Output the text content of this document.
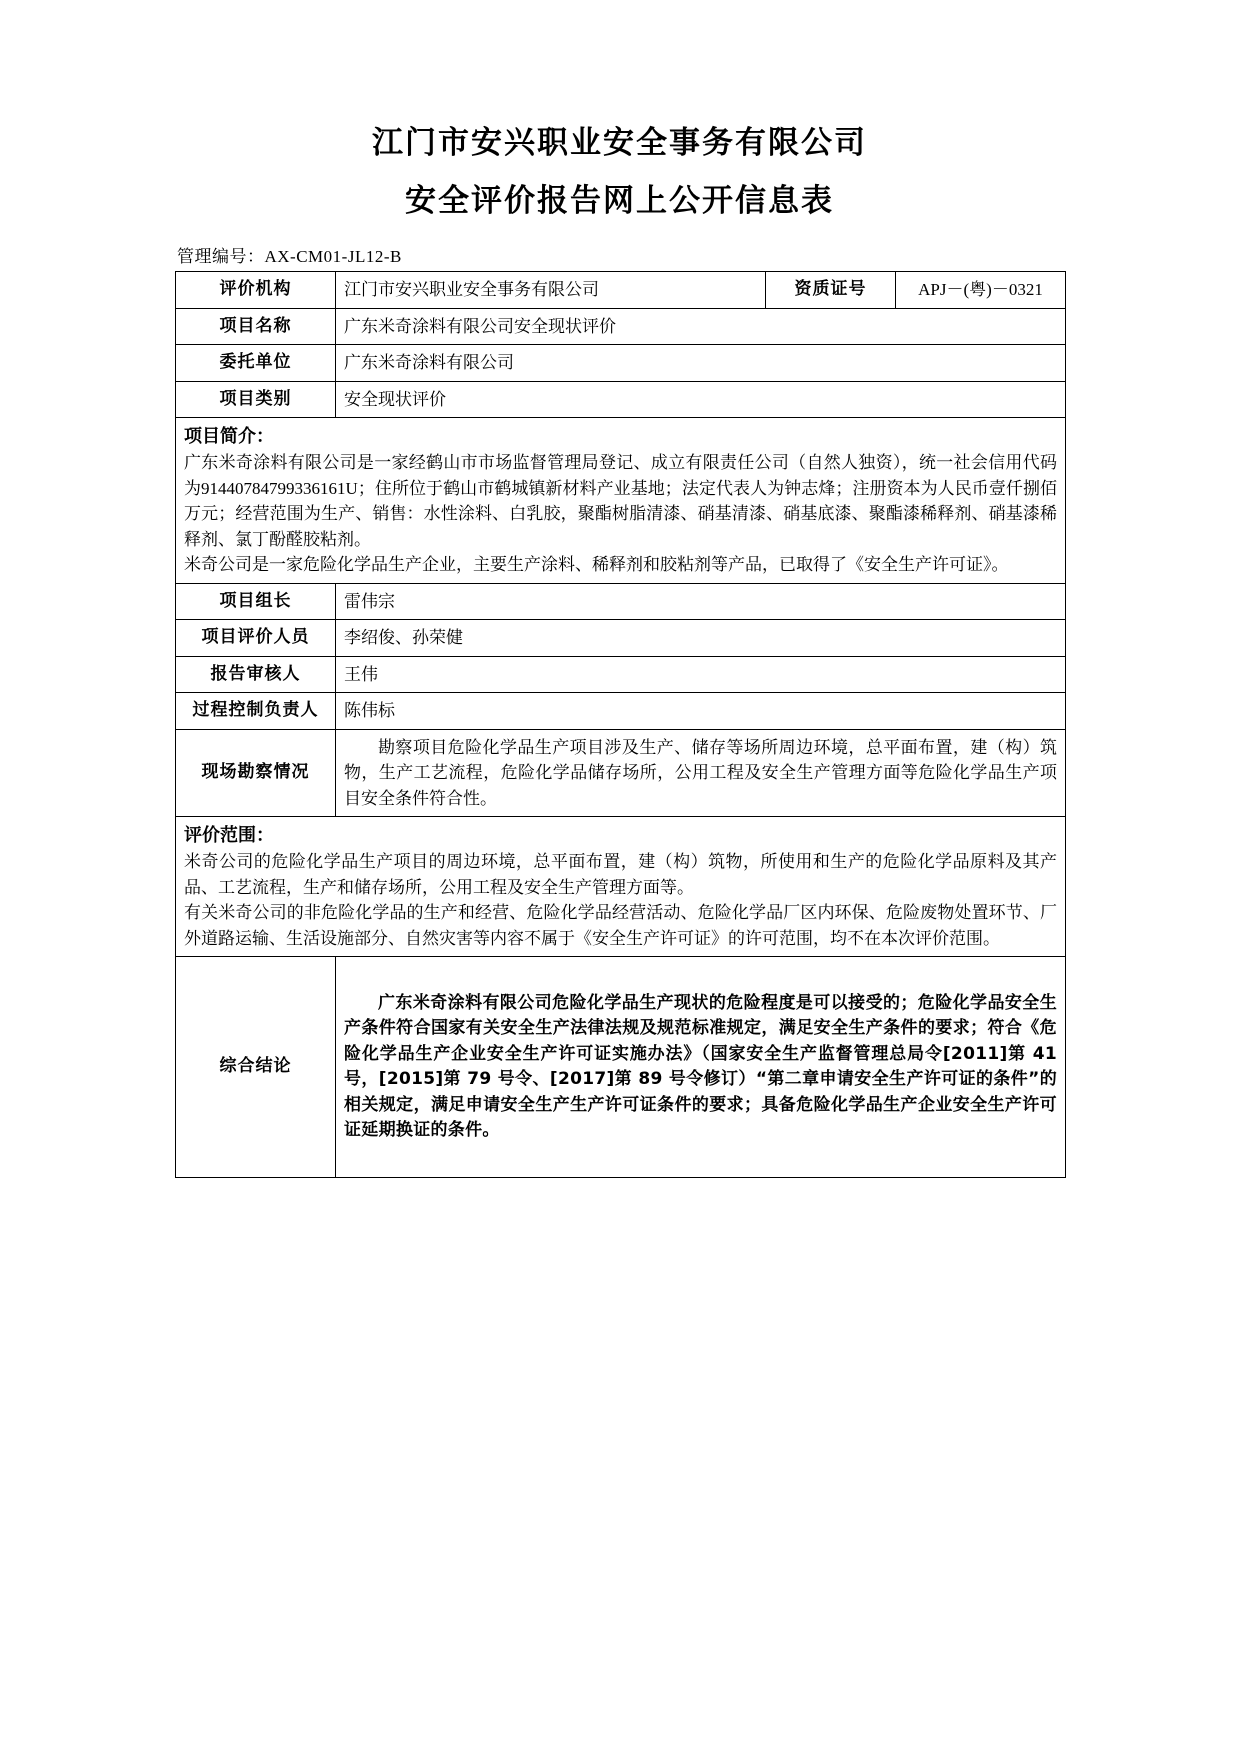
江门市安兴职业安全事务有限公司
安全评价报告网上公开信息表
管理编号：AX-CM01-JL12-B
评价机构	江门市安兴职业安全事务有限公司	资质证号	APJ－(粤)－0321
项目名称	广东米奇涂料有限公司安全现状评价		
委托单位	广东米奇涂料有限公司		
项目类别	安全现状评价		

项目简介：

广东米奇涂料有限公司是一家经鹤山市市场监督管理局登记、成立有限责任公司（自然人独资），统一社会信用代码为91440784799336161U；住所位于鹤山市鹤城镇新材料产业基地；法定代表人为钟志烽；注册资本为人民币壹仟捌佰万元；经营范围为生产、销售：水性涂料、白乳胶，聚酯树脂清漆、硝基清漆、硝基底漆、聚酯漆稀释剂、硝基漆稀释剂、氯丁酚醛胶粘剂。

米奇公司是一家危险化学品生产企业，主要生产涂料、稀释剂和胶粘剂等产品，已取得了《安全生产许可证》。			

项目组长	雷伟宗		
项目评价人员	李绍俊、孙荣健		
报告审核人	王伟		
过程控制负责人	陈伟标		
现场勘察情况	勘察项目危险化学品生产项目涉及生产、储存等场所周边环境，总平面布置，建（构）筑物，生产工艺流程，危险化学品储存场所，公用工程及安全生产管理方面等危险化学品生产项目安全条件符合性。		

评价范围：

米奇公司的危险化学品生产项目的周边环境，总平面布置，建（构）筑物，所使用和生产的危险化学品原料及其产品、工艺流程，生产和储存场所，公用工程及安全生产管理方面等。

有关米奇公司的非危险化学品的生产和经营、危险化学品经营活动、危险化学品厂区内环保、危险废物处置环节、厂外道路运输、生活设施部分、自然灾害等内容不属于《安全生产许可证》的许可范围，均不在本次评价范围。			

综合结论	广东米奇涂料有限公司危险化学品生产现状的危险程度是可以接受的；危险化学品安全生产条件符合国家有关安全生产法律法规及规范标准规定，满足安全生产条件的要求；符合《危险化学品生产企业安全生产许可证实施办法》（国家安全生产监督管理总局令[2011]第 41 号，[2015]第 79 号令、[2017]第 89 号令修订）“第二章申请安全生产许可证的条件”的相关规定，满足申请安全生产生产许可证条件的要求；具备危险化学品生产企业安全生产许可证延期换证的条件。		
